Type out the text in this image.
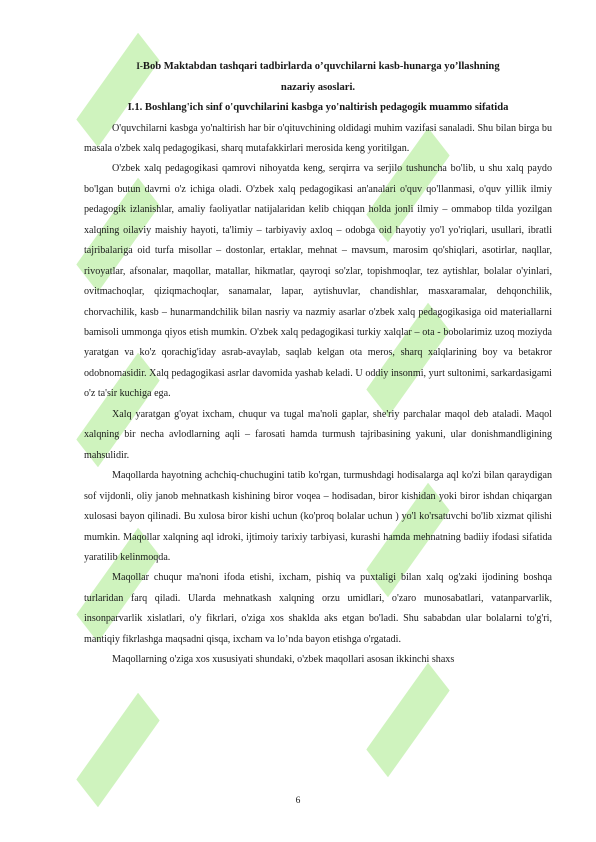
I-Bob Maktabdan tashqari tadbirlarda o’quvchilarni kasb-hunarga yo’llashning

nazariy asoslari.

I.1. Boshlang'ich sinf o'quvchilarini kasbga yo'naltirish pedagogik muammo sifatida

O'quvchilarni kasbga yo'naltirish har bir o'qituvchining oldidagi muhim vazifasi sanaladi. Shu bilan birga bu masala o'zbek xalq pedagogikasi, sharq mutafakkirlari merosida keng yoritilgan.

O'zbek xalq pedagogikasi qamrovi nihoyatda keng, serqirra va serjilo tushuncha bo'lib, u shu xalq paydo bo'lgan butun davrni o'z ichiga oladi. O'zbek xalq pedagogikasi an'analari o'quv qo'llanmasi, o'quv yillik ilmiy pedagogik izlanishlar, amaliy faoliyatlar natijalaridan kelib chiqqan holda jonli ilmiy – ommabop tilda yozilgan xalqning oilaviy maishiy hayoti, ta'limiy – tarbiyaviy axloq – odobga oid hayotiy yo'l yo'riqlari, usullari, ibratli tajribalariga oid turfa misollar – dostonlar, ertaklar, mehnat – mavsum, marosim qo'shiqlari, asotirlar, naqllar, rivoyatlar, afsonalar, maqollar, matallar, hikmatlar, qayroqi so'zlar, topishmoqlar, tez aytishlar, bolalar o'yinlari, ovitmachoqlar, qiziqmachoqlar, sanamalar, lapar, aytishuvlar, chandishlar, masxaramalar, dehqonchilik, chorvachilik, kasb – hunarmandchilik bilan nasriy va nazmiy asarlar o'zbek xalq pedagogikasiga oid materiallarni bamisoli ummonga qiyos etish mumkin. O'zbek xalq pedagogikasi turkiy xalqlar – ota - bobolarimiz uzoq moziyda yaratgan va ko'z qorachig'iday asrab-avaylab, saqlab kelgan ota meros, sharq xalqlarining boy va betakror odobnomasidir. Xalq pedagogikasi asrlar davomida yashab keladi. U oddiy insonmi, yurt sultonimi, sarkardasigami o'z ta'sir kuchiga ega.

Xalq yaratgan g'oyat ixcham, chuqur va tugal ma'noli gaplar, she'riy parchalar maqol deb ataladi. Maqol xalqning bir necha avlodlarning aqli – farosati hamda turmush tajribasining yakuni, ular donishmandligining mahsulidir.

Maqollarda hayotning achchiq-chuchugini tatib ko'rgan, turmushdagi hodisalarga aql ko'zi bilan qaraydigan sof vijdonli, oliy janob mehnatkash kishining biror voqea – hodisadan, biror kishidan yoki biror ishdan chiqargan xulosasi bayon qilinadi. Bu xulosa biror kishi uchun (ko'proq bolalar uchun ) yo'l ko'rsatuvchi bo'lib xizmat qilishi mumkin. Maqollar xalqning aql idroki, ijtimoiy tarixiy tarbiyasi, kurashi hamda mehnatning badiiy ifodasi sifatida yaratilib kelinmoqda.

Maqollar chuqur ma'noni ifoda etishi, ixcham, pishiq va puxtaligi bilan xalq og'zaki ijodining boshqa turlaridan farq qiladi. Ularda mehnatkash xalqning orzu umidlari, o'zaro munosabatlari, vatanparvarlik, insonparvarlik xislatlari, o'y fikrlari, o'ziga xos shaklda aks etgan bo'ladi. Shu sababdan ular bolalarni to'g'ri, mantiqiy fikrlashga maqsadni qisqa, ixcham va lo’nda bayon etishga o'rgatadi.

Maqollarning o'ziga xos xususiyati shundaki, o'zbek maqollari asosan ikkinchi shaxs

6
